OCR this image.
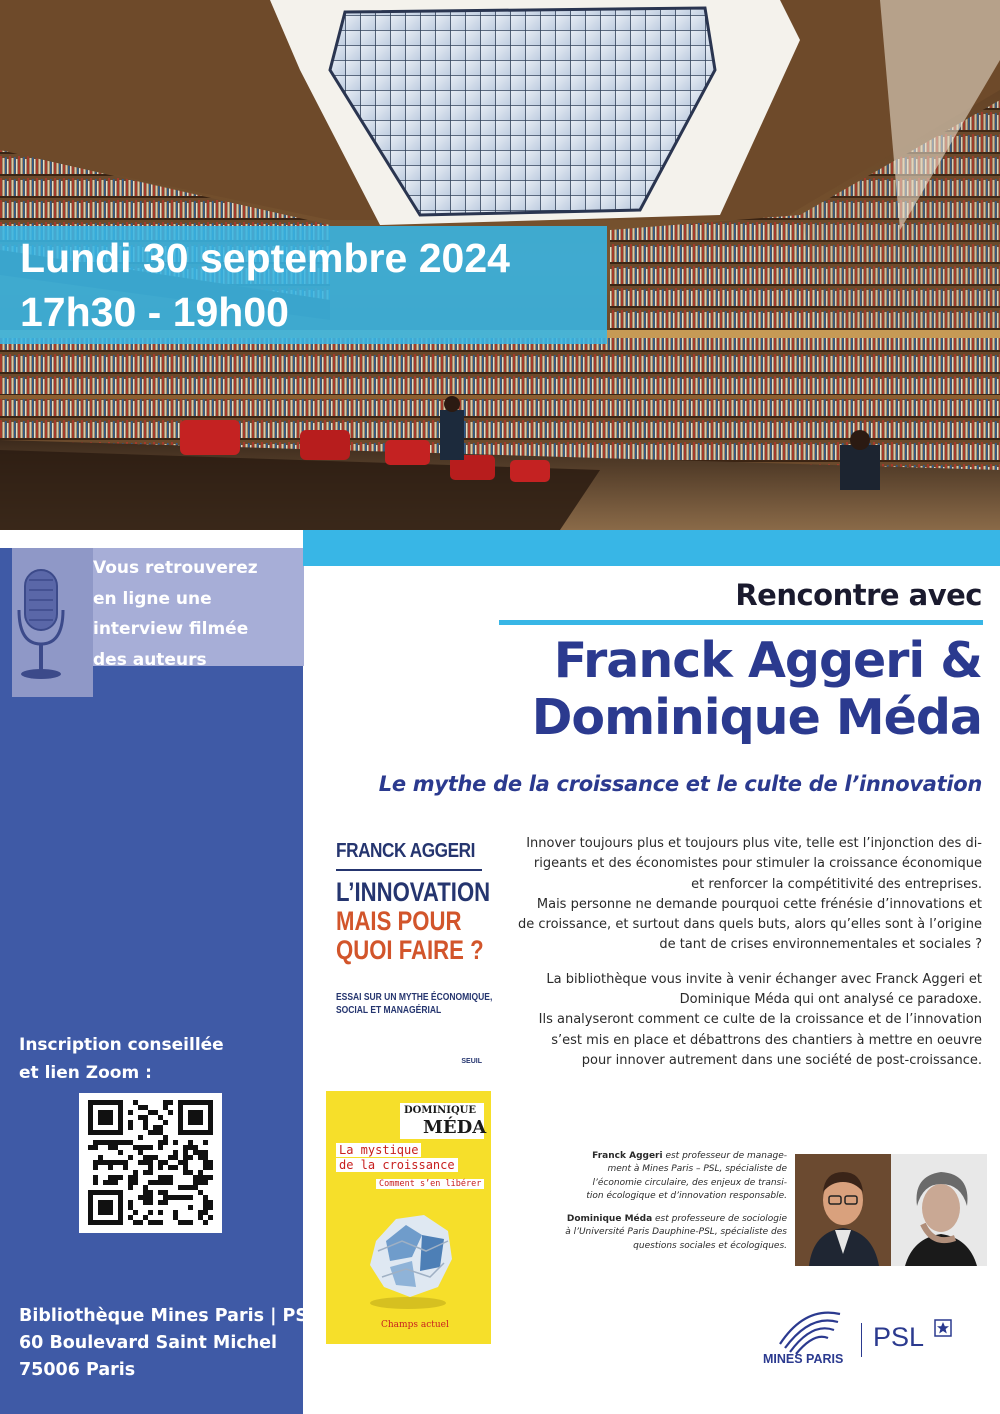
Lundi 30 septembre 2024
17h30 - 19h00
Vous retrouverez
en ligne une
interview filmée
des auteurs
Inscription conseillée
et lien Zoom :
Bibliothèque Mines Paris | PSL
60 Boulevard Saint Michel
75006 Paris
Rencontre avec
Franck Aggeri &
Dominique Méda
Le mythe de la croissance et le culte de l’innovation
Innover toujours plus et toujours plus vite, telle est l’injonction des di-
rigeants et des économistes pour stimuler la croissance économique
et renforcer la compétitivité des entreprises.
Mais personne ne demande pourquoi cette frénésie d’innovations et
de croissance, et surtout dans quels buts, alors qu’elles sont à l’origine
de tant de crises environnementales et sociales ?
La bibliothèque vous invite à venir échanger avec Franck Aggeri et
Dominique Méda qui ont analysé ce paradoxe.
Ils analyseront comment ce culte de la croissance et de l’innovation
s’est mis en place et débattrons des chantiers à mettre en oeuvre
pour innover autrement dans une société de post-croissance.
FRANCK AGGERI
L’INNOVATION
MAIS POUR
QUOI FAIRE ?
ESSAI SUR UN MYTHE ÉCONOMIQUE,
SOCIAL ET MANAGÉRIAL
SEUIL
DOMINIQUE
MÉDA
La mystique
de la croissance
Comment s’en libérer
Champs actuel
Franck Aggeri est professeur de manage-
ment à Mines Paris – PSL, spécialiste de
l’économie circulaire, des enjeux de transi-
tion écologique et d’innovation responsable.
Dominique Méda est professeure de sociologie
à l’Université Paris Dauphine-PSL, spécialiste des
questions sociales et écologiques.
MINES PARIS
PSL
